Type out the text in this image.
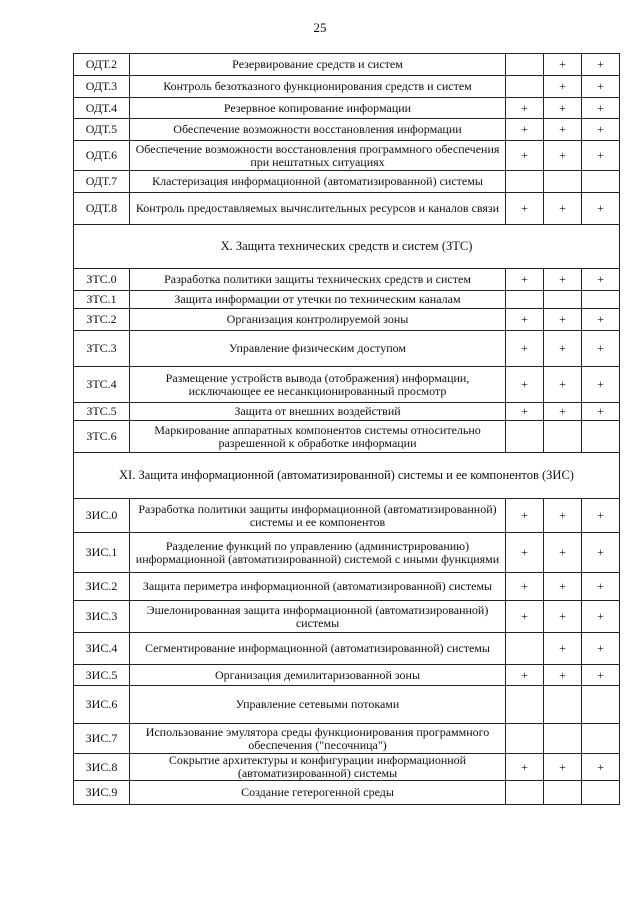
25
ОДТ.2	Резервирование средств и систем		+	+
ОДТ.3	Контроль безотказного функционирования средств и систем		+	+
ОДТ.4	Резервное копирование информации	+	+	+
ОДТ.5	Обеспечение возможности восстановления информации	+	+	+
ОДТ.6	Обеспечение возможности восстановления программного обеспечения при нештатных ситуациях	+	+	+
ОДТ.7	Кластеризация информационной (автоматизированной) системы			
ОДТ.8	Контроль предоставляемых вычислительных ресурсов и каналов связи	+	+	+
X. Защита технических средств и систем (ЗТС)				
ЗТС.0	Разработка политики защиты технических средств и систем	+	+	+
ЗТС.1	Защита информации от утечки по техническим каналам			
ЗТС.2	Организация контролируемой зоны	+	+	+
ЗТС.3	Управление физическим доступом	+	+	+
ЗТС.4	Размещение устройств вывода (отображения) информации, исключающее ее несанкционированный просмотр	+	+	+
ЗТС.5	Защита от внешних воздействий	+	+	+
ЗТС.6	Маркирование аппаратных компонентов системы относительно разрешенной к обработке информации			
XI. Защита информационной (автоматизированной) системы и ее компонентов (ЗИС)				
ЗИС.0	Разработка политики защиты информационной (автоматизированной) системы и ее компонентов	+	+	+
ЗИС.1	Разделение функций по управлению (администрированию) информационной (автоматизированной) системой с иными функциями	+	+	+
ЗИС.2	Защита периметра информационной (автоматизированной) системы	+	+	+
ЗИС.3	Эшелонированная защита информационной (автоматизированной) системы	+	+	+
ЗИС.4	Сегментирование информационной (автоматизированной) системы		+	+
ЗИС.5	Организация демилитаризованной зоны	+	+	+
ЗИС.6	Управление сетевыми потоками			
ЗИС.7	Использование эмулятора среды функционирования программного обеспечения ("песочница")			
ЗИС.8	Сокрытие архитектуры и конфигурации информационной (автоматизированной) системы	+	+	+
ЗИС.9	Создание гетерогенной среды			
